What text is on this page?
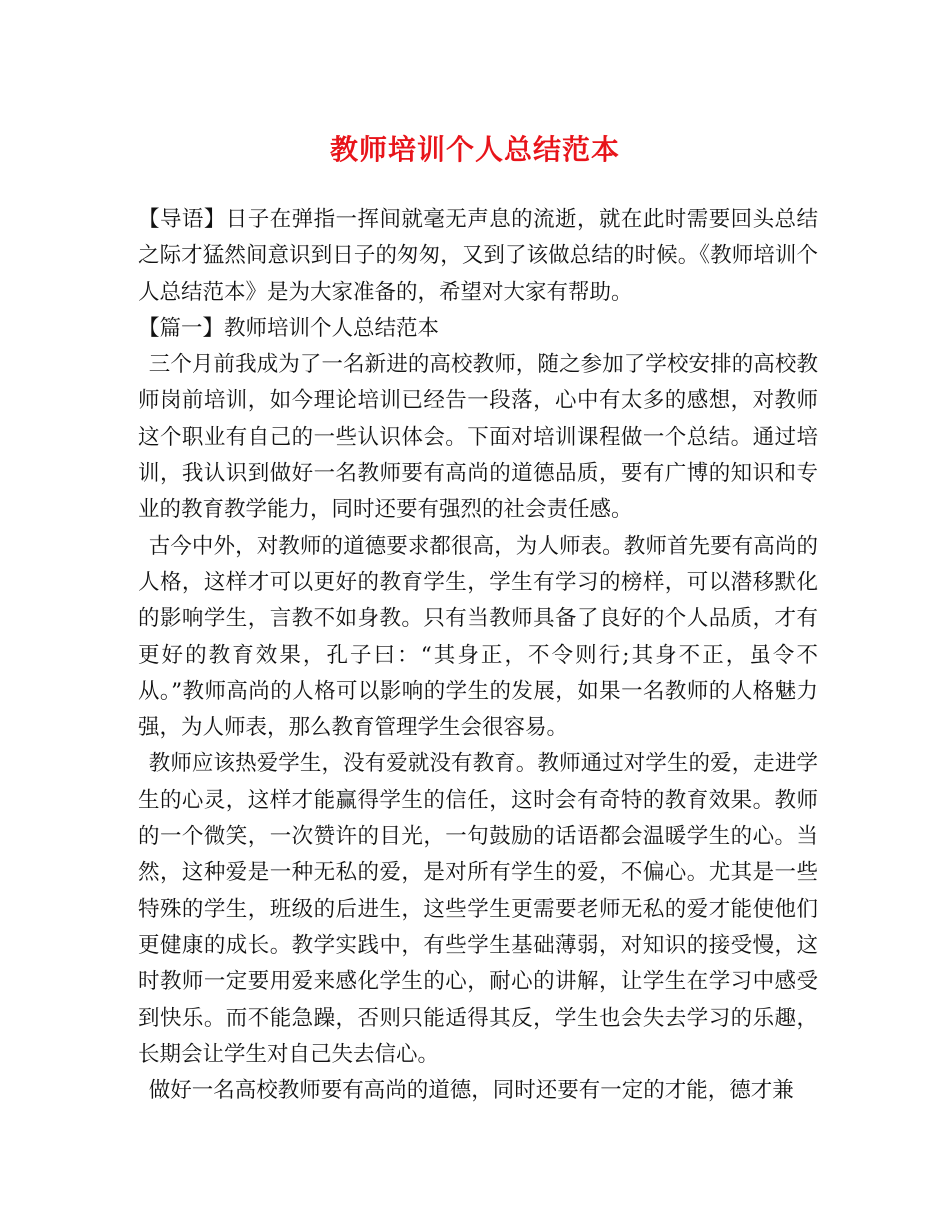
教师培训个人总结范本

【导语】日子在弹指一挥间就毫无声息的流逝，就在此时需要回头总结之际才猛然间意识到日子的匆匆，又到了该做总结的时候。《教师培训个人总结范本》是为大家准备的，希望对大家有帮助。

【篇一】教师培训个人总结范本

三个月前我成为了一名新进的高校教师，随之参加了学校安排的高校教师岗前培训，如今理论培训已经告一段落，心中有太多的感想，对教师这个职业有自己的一些认识体会。下面对培训课程做一个总结。通过培训，我认识到做好一名教师要有高尚的道德品质，要有广博的知识和专业的教育教学能力，同时还要有强烈的社会责任感。

古今中外，对教师的道德要求都很高，为人师表。教师首先要有高尚的人格，这样才可以更好的教育学生，学生有学习的榜样，可以潜移默化的影响学生，言教不如身教。只有当教师具备了良好的个人品质，才有更好的教育效果，孔子曰：“其身正，不令则行;其身不正，虽令不从。”教师高尚的人格可以影响的学生的发展，如果一名教师的人格魅力强，为人师表，那么教育管理学生会很容易。

教师应该热爱学生，没有爱就没有教育。教师通过对学生的爱，走进学生的心灵，这样才能赢得学生的信任，这时会有奇特的教育效果。教师的一个微笑，一次赞许的目光，一句鼓励的话语都会温暖学生的心。当然，这种爱是一种无私的爱，是对所有学生的爱，不偏心。尤其是一些特殊的学生，班级的后进生，这些学生更需要老师无私的爱才能使他们更健康的成长。教学实践中，有些学生基础薄弱，对知识的接受慢，这时教师一定要用爱来感化学生的心，耐心的讲解，让学生在学习中感受到快乐。而不能急躁，否则只能适得其反，学生也会失去学习的乐趣，长期会让学生对自己失去信心。

做好一名高校教师要有高尚的道德，同时还要有一定的才能，德才兼
